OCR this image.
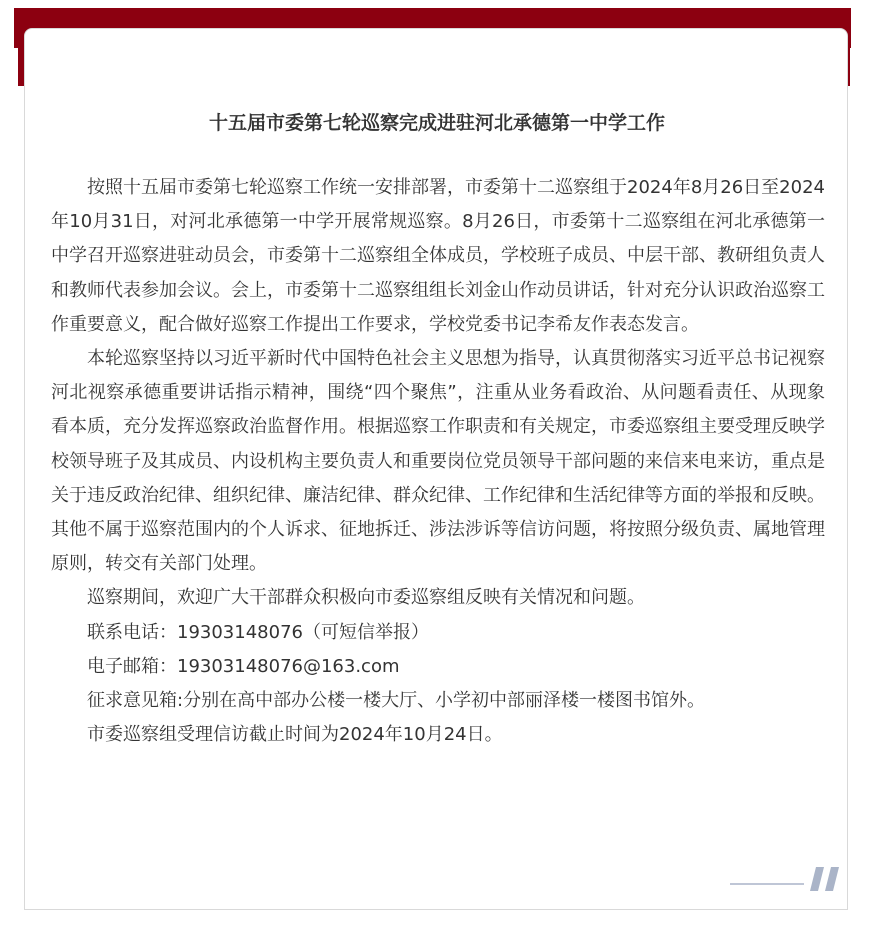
十五届市委第七轮巡察完成进驻河北承德第一中学工作

按照十五届市委第七轮巡察工作统一安排部署，市委第十二巡察组于2024年8月26日至2024年10月31日，对河北承德第一中学开展常规巡察。8月26日，市委第十二巡察组在河北承德第一中学召开巡察进驻动员会，市委第十二巡察组全体成员，学校班子成员、中层干部、教研组负责人和教师代表参加会议。会上，市委第十二巡察组组长刘金山作动员讲话，针对充分认识政治巡察工作重要意义，配合做好巡察工作提出工作要求，学校党委书记李希友作表态发言。

本轮巡察坚持以习近平新时代中国特色社会主义思想为指导，认真贯彻落实习近平总书记视察河北视察承德重要讲话指示精神，围绕“四个聚焦”，注重从业务看政治、从问题看责任、从现象看本质，充分发挥巡察政治监督作用。根据巡察工作职责和有关规定，市委巡察组主要受理反映学校领导班子及其成员、内设机构主要负责人和重要岗位党员领导干部问题的来信来电来访，重点是关于违反政治纪律、组织纪律、廉洁纪律、群众纪律、工作纪律和生活纪律等方面的举报和反映。其他不属于巡察范围内的个人诉求、征地拆迁、涉法涉诉等信访问题，将按照分级负责、属地管理原则，转交有关部门处理。

巡察期间，欢迎广大干部群众积极向市委巡察组反映有关情况和问题。

联系电话：19303148076（可短信举报）

电子邮箱：19303148076@163.com

征求意见箱:分别在高中部办公楼一楼大厅、小学初中部丽泽楼一楼图书馆外。

市委巡察组受理信访截止时间为2024年10月24日。
